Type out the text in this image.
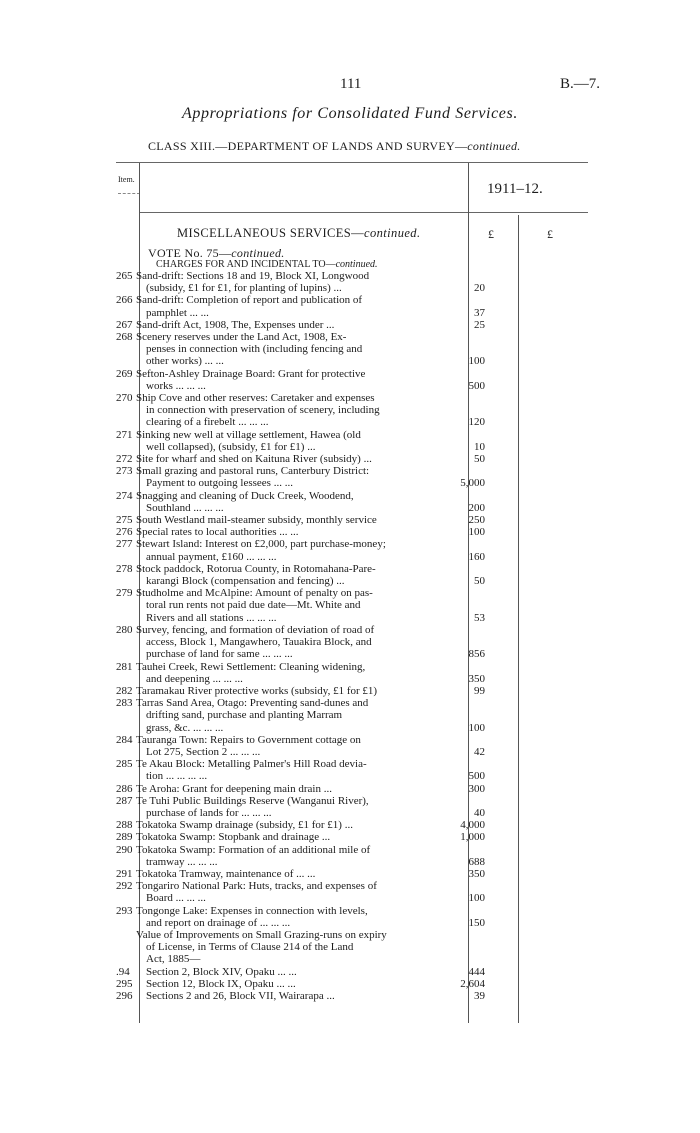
111	B.—7.
Appropriations for Consolidated Fund Services.
CLASS XIII.—DEPARTMENT OF LANDS AND SURVEY—continued.
Item.
1911–12.
MISCELLANEOUS SERVICES—continued.	£	£
VOTE No. 75—continued.
CHARGES FOR AND INCIDENTAL TO—continued.
265 Sand-drift: Sections 18 and 19, Block XI, Longwood
(subsidy, £1 for £1, for planting of lupins) ...	20
266 Sand-drift: Completion of report and publication of
pamphlet ... ...	37
267 Sand-drift Act, 1908, The, Expenses under ...	25
268 Scenery reserves under the Land Act, 1908, Ex-
penses in connection with (including fencing and
other works) ... ...	100
269 Sefton-Ashley Drainage Board: Grant for protective
works ... ... ...	500
270 Ship Cove and other reserves: Caretaker and expenses
in connection with preservation of scenery, including
clearing of a firebelt ... ... ...	120
271 Sinking new well at village settlement, Hawea (old
well collapsed), (subsidy, £1 for £1) ...	10
272 Site for wharf and shed on Kaituna River (subsidy) ...	50
273 Small grazing and pastoral runs, Canterbury District:
Payment to outgoing lessees ... ...	5,000
274 Snagging and cleaning of Duck Creek, Woodend,
Southland ... ... ...	200
275 South Westland mail-steamer subsidy, monthly service	250
276 Special rates to local authorities ... ...	100
277 Stewart Island: Interest on £2,000, part purchase-money;
annual payment, £160 ... ... ...	160
278 Stock paddock, Rotorua County, in Rotomahana-Pare-
karangi Block (compensation and fencing) ...	50
279 Studholme and McAlpine: Amount of penalty on pas-
toral run rents not paid due date—Mt. White and
Rivers and all stations ... ... ...	53
280 Survey, fencing, and formation of deviation of road of
access, Block 1, Mangawhero, Tauakira Block, and
purchase of land for same ... ... ...	856
281 Tauhei Creek, Rewi Settlement: Cleaning widening,
and deepening ... ... ...	350
282 Taramakau River protective works (subsidy, £1 for £1)	99
283 Tarras Sand Area, Otago: Preventing sand-dunes and
drifting sand, purchase and planting Marram
grass, &c. ... ... ...	100
284 Tauranga Town: Repairs to Government cottage on
Lot 275, Section 2 ... ... ...	42
285 Te Akau Block: Metalling Palmer's Hill Road devia-
tion ... ... ... ...	500
286 Te Aroha: Grant for deepening main drain ...	300
287 Te Tuhi Public Buildings Reserve (Wanganui River),
purchase of lands for ... ... ...	40
288 Tokatoka Swamp drainage (subsidy, £1 for £1) ...	4,000
289 Tokatoka Swamp: Stopbank and drainage ...	1,000
290 Tokatoka Swamp: Formation of an additional mile of
tramway ... ... ...	688
291 Tokatoka Tramway, maintenance of ... ...	350
292 Tongariro National Park: Huts, tracks, and expenses of
Board ... ... ...	100
293 Tongonge Lake: Expenses in connection with levels,
and report on drainage of ... ... ...	150
Value of Improvements on Small Grazing-runs on expiry
of License, in Terms of Clause 214 of the Land
Act, 1885—
.94	Section 2, Block XIV, Opaku ... ...	444
295	Section 12, Block IX, Opaku ... ...	2,604
296	Sections 2 and 26, Block VII, Wairarapa ...	39
